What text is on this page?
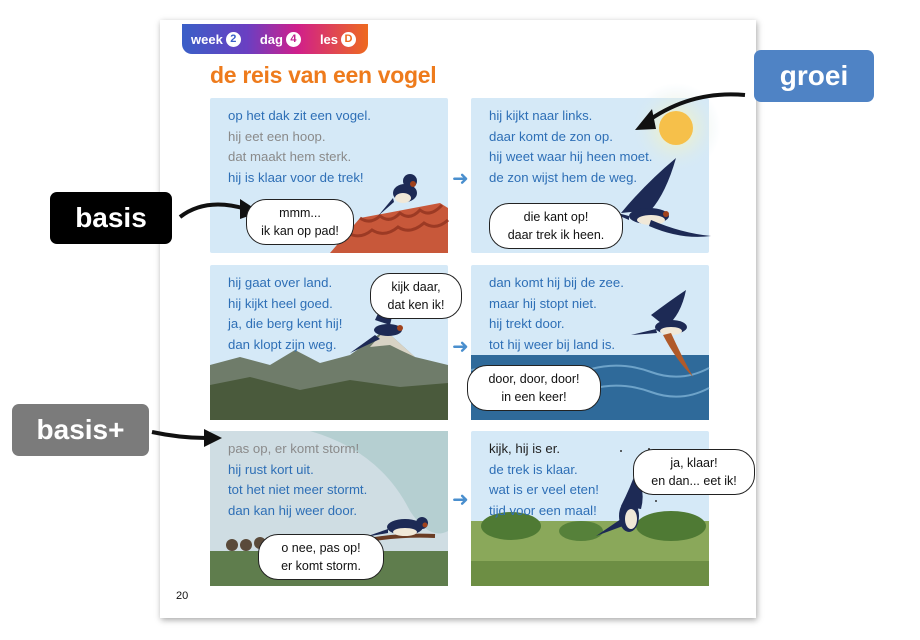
week 2	dag 4	les D
de reis van een vogel
op het dak zit een vogel.
hij eet een hoop.
dat maakt hem sterk.
hij is klaar voor de trek!
mmm...
ik kan op pad!
➜
hij kijkt naar links.
daar komt de zon op.
hij weet waar hij heen moet.
de zon wijst hem de weg.
die kant op!
daar trek ik heen.
hij gaat over land.
hij kijkt heel goed.
ja, die berg kent hij!
dan klopt zijn weg.
kijk daar,
dat ken ik!
➜
dan komt hij bij de zee.
maar hij stopt niet.
hij trekt door.
tot hij weer bij land is.
door, door, door!
in een keer!
pas op, er komt storm!
hij rust kort uit.
tot het niet meer stormt.
dan kan hij weer door.
o nee, pas op!
er komt storm.
➜
kijk, hij is er.
de trek is klaar.
wat is er veel eten!
tijd voor een maal!
ja, klaar!
en dan... eet ik!
20
groei
basis
basis+
